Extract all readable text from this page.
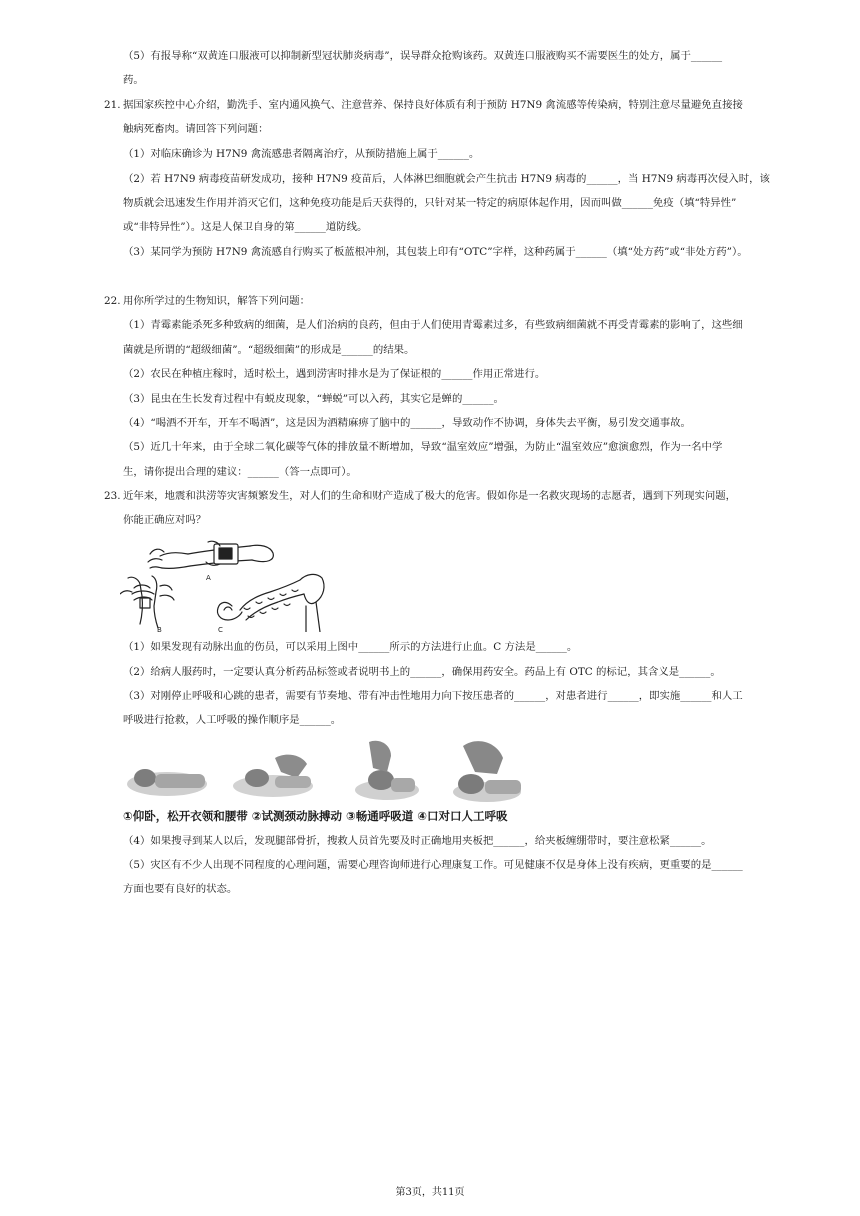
（5）有报导称“双黄连口服液可以抑制新型冠状肺炎病毒”，误导群众抢购该药。双黄连口服液购买不需要医生的处方，属于______
药。
21. 据国家疾控中心介绍，勤洗手、室内通风换气、注意营养、保持良好体质有利于预防 H7N9 禽流感等传染病，特别注意尽量避免直接接
触病死畜肉。请回答下列问题：
（1）对临床确诊为 H7N9 禽流感患者隔离治疗，从预防措施上属于______。
（2）若 H7N9 病毒疫苗研发成功，接种 H7N9 疫苗后，人体淋巴细胞就会产生抗击 H7N9 病毒的______，当 H7N9 病毒再次侵入时，该
物质就会迅速发生作用并消灭它们，这种免疫功能是后天获得的，只针对某一特定的病原体起作用，因而叫做______免疫（填“特异性”
或“非特异性”）。这是人保卫自身的第______道防线。
（3）某同学为预防 H7N9 禽流感自行购买了板蓝根冲剂，其包装上印有“OTC”字样，这种药属于______（填“处方药”或“非处方药”）。
22. 用你所学过的生物知识，解答下列问题：
（1）青霉素能杀死多种致病的细菌，是人们治病的良药，但由于人们使用青霉素过多，有些致病细菌就不再受青霉素的影响了，这些细
菌就是所谓的“超级细菌”。“超级细菌”的形成是______的结果。
（2）农民在种植庄稼时，适时松土，遇到涝害时排水是为了保证根的______作用正常进行。
（3）昆虫在生长发育过程中有蜕皮现象，“蝉蜕”可以入药，其实它是蝉的______。
（4）“喝酒不开车，开车不喝酒”，这是因为酒精麻痹了脑中的______，导致动作不协调，身体失去平衡，易引发交通事故。
（5）近几十年来，由于全球二氧化碳等气体的排放量不断增加，导致“温室效应”增强，为防止“温室效应”愈演愈烈，作为一名中学
生，请你提出合理的建议：______（答一点即可）。
23. 近年来，地震和洪涝等灾害频繁发生，对人们的生命和财产造成了极大的危害。假如你是一名救灾现场的志愿者，遇到下列现实问题，
你能正确应对吗？
A
B	C
（1）如果发现有动脉出血的伤员，可以采用上图中______所示的方法进行止血。C 方法是______。
（2）给病人服药时，一定要认真分析药品标签或者说明书上的______，确保用药安全。药品上有 OTC 的标记，其含义是______。
（3）对刚停止呼吸和心跳的患者，需要有节奏地、带有冲击性地用力向下按压患者的______，对患者进行______，即实施______和人工
呼吸进行抢救，人工呼吸的操作顺序是______。
①仰卧，松开衣领和腰带 ②试测颈动脉搏动 ③畅通呼吸道 ④口对口人工呼吸
（4）如果搜寻到某人以后，发现腿部骨折，搜救人员首先要及时正确地用夹板把______，给夹板缠绷带时，要注意松紧______。
（5）灾区有不少人出现不同程度的心理问题，需要心理咨询师进行心理康复工作。可见健康不仅是身体上没有疾病，更重要的是______
方面也要有良好的状态。
第3页，共11页
